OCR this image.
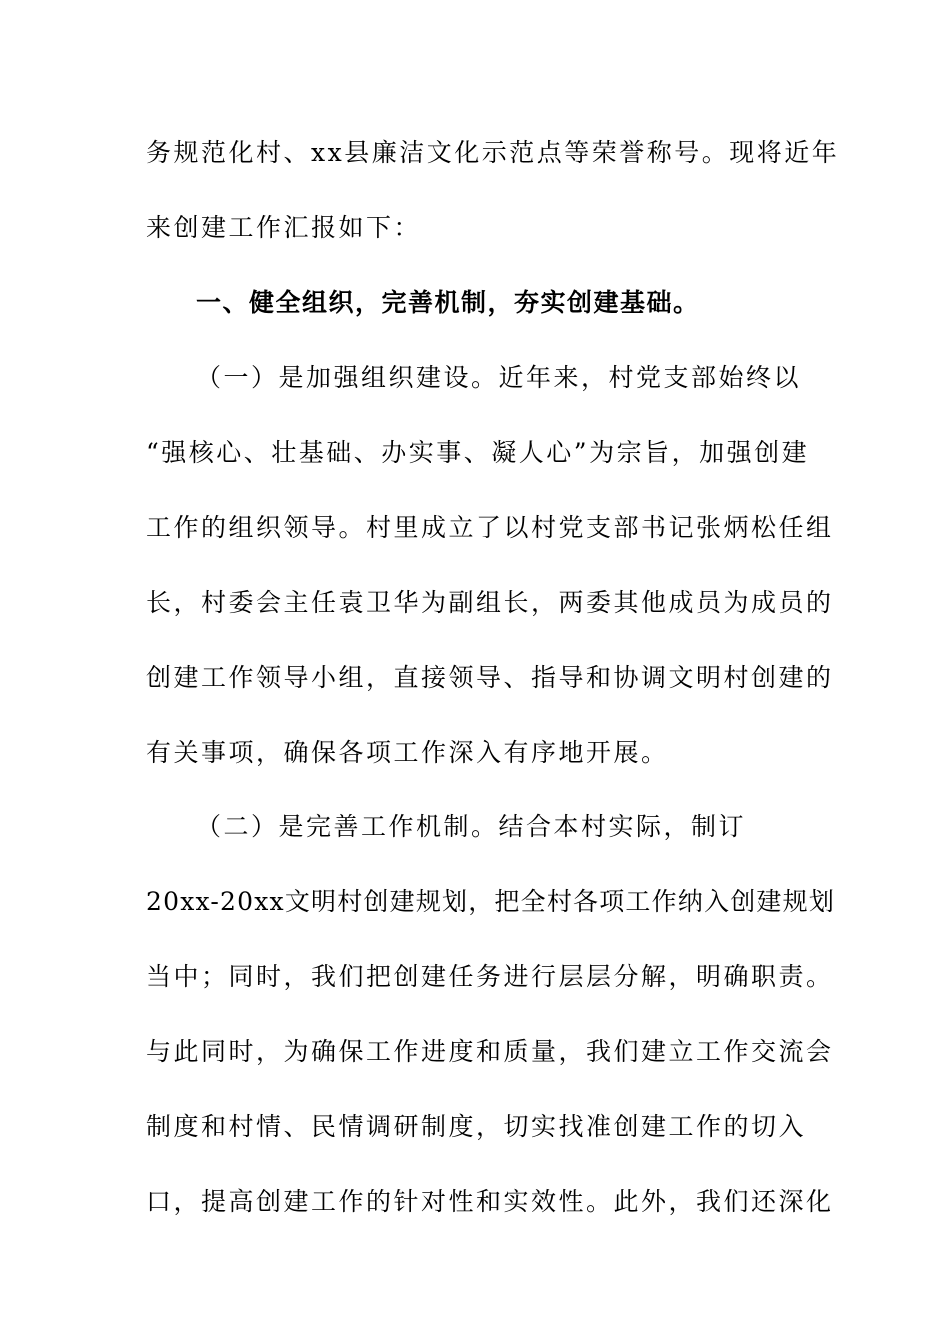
务规范化村、xx县廉洁文化示范点等荣誉称号。现将近年
来创建工作汇报如下：
一、健全组织，完善机制，夯实创建基础。
（一）是加强组织建设。近年来，村党支部始终以
“强核心、壮基础、办实事、凝人心”为宗旨，加强创建
工作的组织领导。村里成立了以村党支部书记张炳松任组
长，村委会主任袁卫华为副组长，两委其他成员为成员的
创建工作领导小组，直接领导、指导和协调文明村创建的
有关事项，确保各项工作深入有序地开展。
（二）是完善工作机制。结合本村实际，制订
20xx-20xx文明村创建规划，把全村各项工作纳入创建规划
当中；同时，我们把创建任务进行层层分解，明确职责。
与此同时，为确保工作进度和质量，我们建立工作交流会
制度和村情、民情调研制度，切实找准创建工作的切入
口，提高创建工作的针对性和实效性。此外，我们还深化
